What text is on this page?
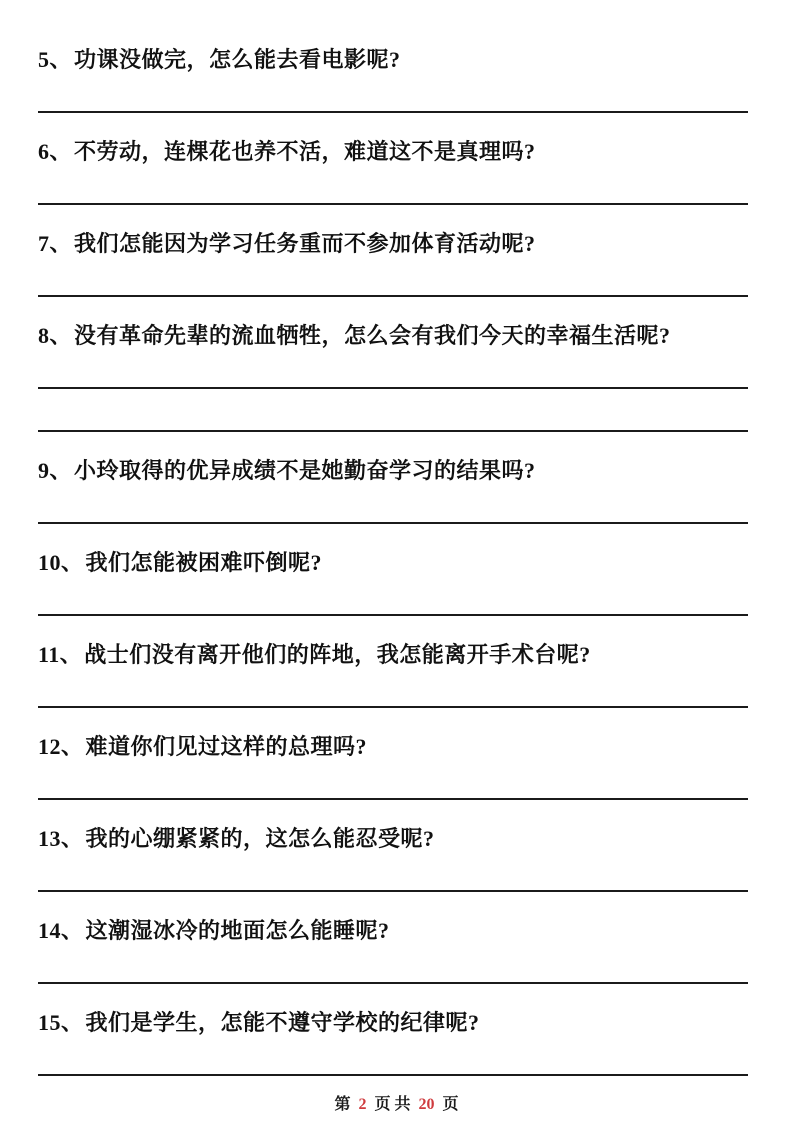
5、功课没做完，怎么能去看电影呢?

6、不劳动，连棵花也养不活，难道这不是真理吗?

7、我们怎能因为学习任务重而不参加体育活动呢?

8、没有革命先辈的流血牺牲，怎么会有我们今天的幸福生活呢?

9、小玲取得的优异成绩不是她勤奋学习的结果吗?

10、我们怎能被困难吓倒呢?

11、战士们没有离开他们的阵地，我怎能离开手术台呢?

12、难道你们见过这样的总理吗?

13、我的心绷紧紧的，这怎么能忍受呢?

14、这潮湿冰冷的地面怎么能睡呢?

15、我们是学生，怎能不遵守学校的纪律呢?

第 2 页 共 20 页
